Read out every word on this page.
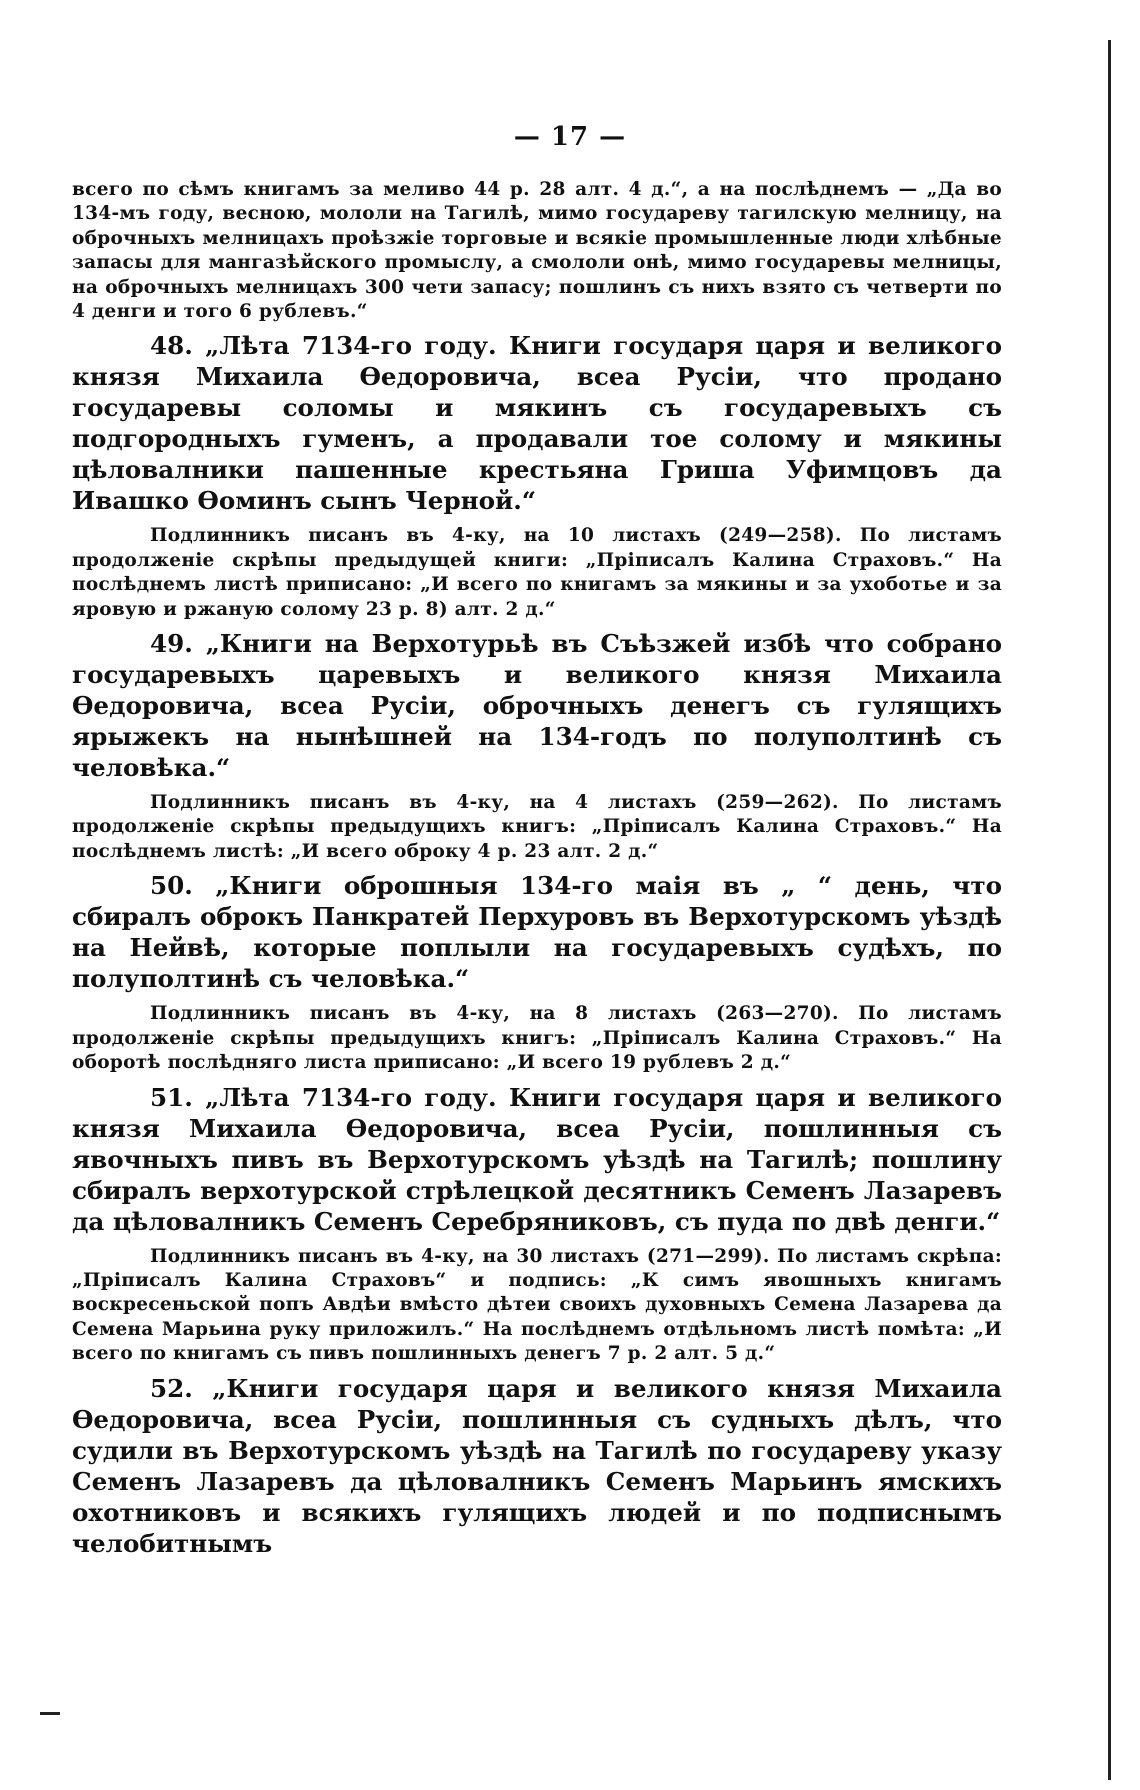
— 17 —

всего по сѣмъ книгамъ за меливо 44 р. 28 алт. 4 д.“, а на послѣднемъ — „Да во 134-мъ году, весною, мололи на Тагилѣ, мимо государеву тагилскую мелницу, на оброчныхъ мелницахъ проѣзжіе торговые и всякіе промышленные люди хлѣбные запасы для мангазѣйского промыслу, а смололи онѣ, мимо государевы мелницы, на оброчныхъ мелницахъ 300 чети запасу; пошлинъ съ нихъ взято съ четверти по 4 денги и того 6 рублевъ.“

48. „Лѣта 7134-го году. Книги государя царя и великого князя Михаила Ѳедоровича, всеа Русіи, что продано государевы соломы и мякинъ съ государевыхъ съ подгородныхъ гуменъ, а продавали тое солому и мякины цѣловалники пашенные крестьяна Гриша Уфимцовъ да Ивашко Ѳоминъ сынъ Черной.“

Подлинникъ писанъ въ 4-ку, на 10 листахъ (249—258). По листамъ продолженіе скрѣпы предыдущей книги: „Пріписалъ Калина Страховъ.“ На послѣднемъ листѣ приписано: „И всего по книгамъ за мякины и за ухоботье и за яровую и ржаную солому 23 р. 8) алт. 2 д.“

49. „Книги на Верхотурьѣ въ Съѣзжей избѣ что собрано государевыхъ царевыхъ и великого князя Михаила Ѳедоровича, всеа Русіи, оброчныхъ денегъ съ гулящихъ ярыжекъ на нынѣшней на 134-годъ по полуполтинѣ съ человѣка.“

Подлинникъ писанъ въ 4-ку, на 4 листахъ (259—262). По листамъ продолженіе скрѣпы предыдущихъ книгъ: „Пріписалъ Калина Страховъ.“ На послѣднемъ листѣ: „И всего оброку 4 р. 23 алт. 2 д.“

50. „Книги оброшныя 134-го маія въ „ “ день, что сбиралъ оброкъ Панкратей Перхуровъ въ Верхотурскомъ уѣздѣ на Нейвѣ, которые поплыли на государевыхъ судѣхъ, по полуполтинѣ съ человѣка.“

Подлинникъ писанъ въ 4-ку, на 8 листахъ (263—270). По листамъ продолженіе скрѣпы предыдущихъ книгъ: „Пріписалъ Калина Страховъ.“ На оборотѣ послѣдняго листа приписано: „И всего 19 рублевъ 2 д.“

51. „Лѣта 7134-го году. Книги государя царя и великого князя Михаила Ѳедоровича, всеа Русіи, пошлинныя съ явочныхъ пивъ въ Верхотурскомъ уѣздѣ на Тагилѣ; пошлину сбиралъ верхотурской стрѣлецкой десятникъ Семенъ Лазаревъ да цѣловалникъ Семенъ Серебряниковъ, съ пуда по двѣ денги.“

Подлинникъ писанъ въ 4-ку, на 30 листахъ (271—299). По листамъ скрѣпа: „Пріписалъ Калина Страховъ“ и подпись: „К симъ явошныхъ книгамъ воскресеньской попъ Авдѣи вмѣсто дѣтеи своихъ духовныхъ Семена Лазарева да Семена Марьина руку приложилъ.“ На послѣднемъ отдѣльномъ листѣ помѣта: „И всего по книгамъ съ пивъ пошлинныхъ денегъ 7 р. 2 алт. 5 д.“

52. „Книги государя царя и великого князя Михаила Ѳедоровича, всеа Русіи, пошлинныя съ судныхъ дѣлъ, что судили въ Верхотурскомъ уѣздѣ на Тагилѣ по государеву указу Семенъ Лазаревъ да цѣловалникъ Семенъ Марьинъ ямскихъ охотниковъ и всякихъ гулящихъ людей и по подписнымъ челобитнымъ
